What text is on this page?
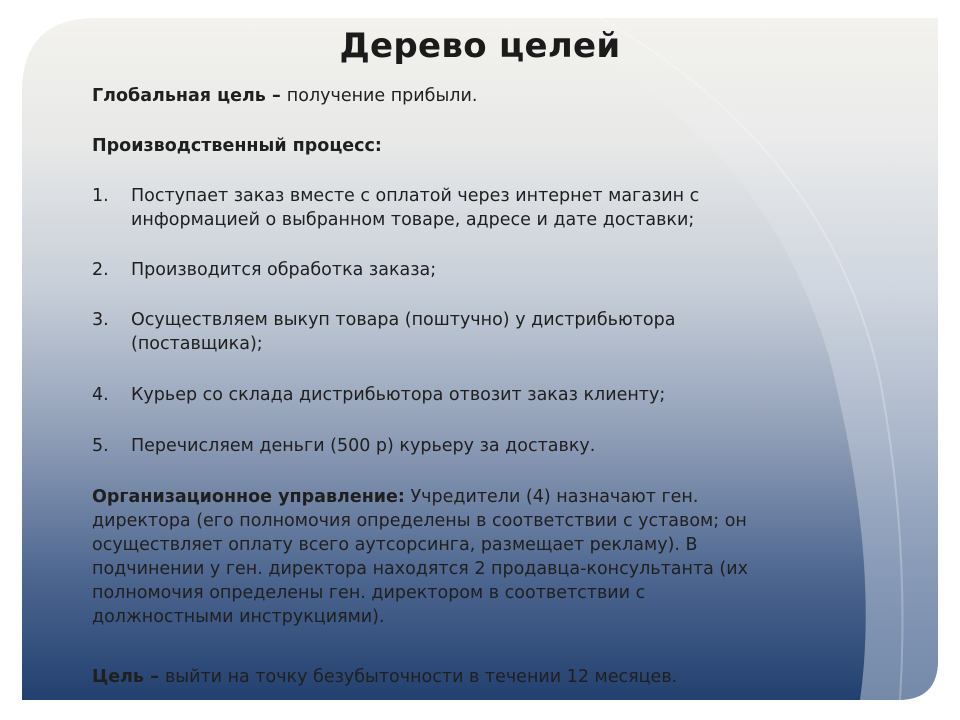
Дерево целей
Глобальная цель – получение прибыли.
Производственный процесс:
1.	Поступает заказ вместе с оплатой через интернет магазин с информацией о выбранном товаре, адресе и дате доставки;
2.	Производится обработка заказа;
3.	Осуществляем выкуп товара (поштучно) у дистрибьютора (поставщика);
4.	Курьер со склада дистрибьютора отвозит заказ клиенту;
5.	Перечисляем деньги (500 р) курьеру за доставку.
Организационное управление: Учредители (4) назначают ген. директора (его полномочия определены в соответствии с уставом; он осуществляет оплату всего аутсорсинга, размещает рекламу). В подчинении у ген. директора находятся 2 продавца-консультанта (их полномочия определены ген. директором в соответствии с должностными инструкциями).
Цель – выйти на точку безубыточности в течении 12 месяцев.
